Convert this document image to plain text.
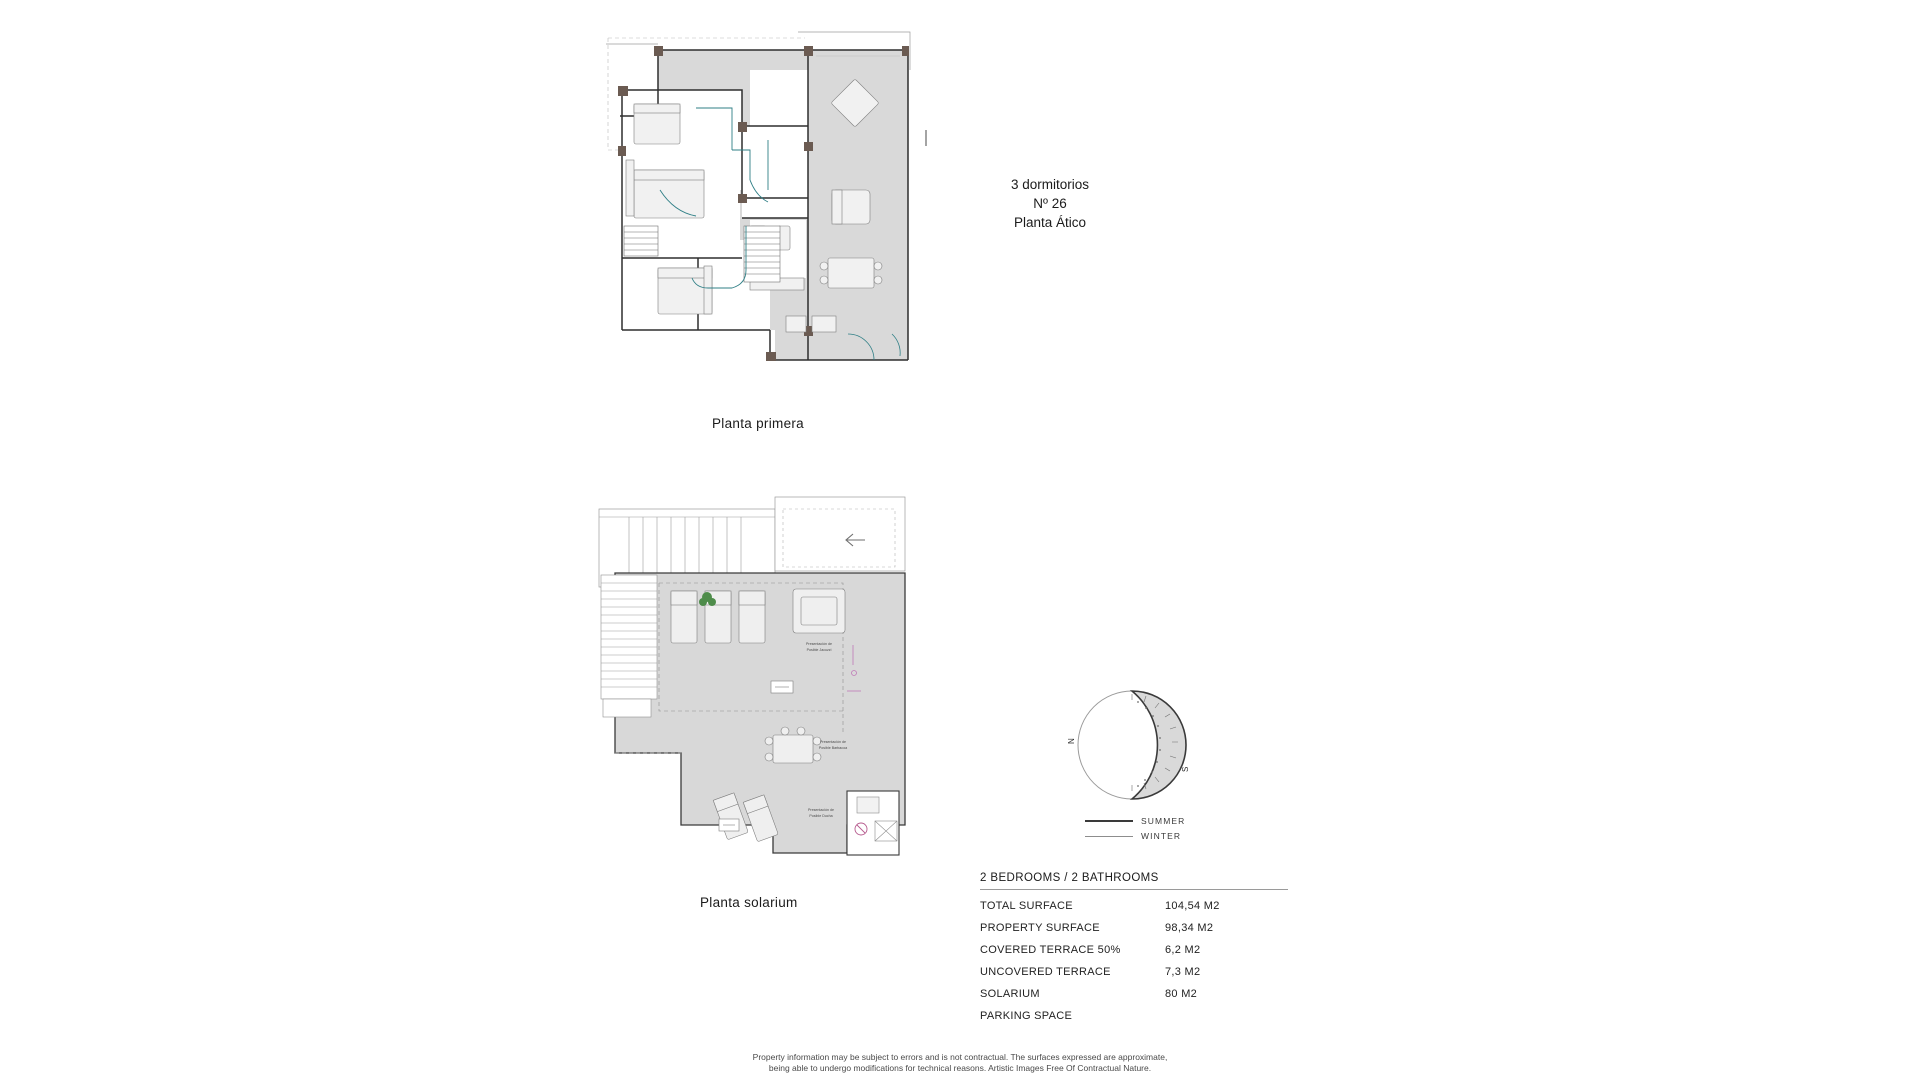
Planta primera
3 dormitorios
Nº 26
Planta Ático
Presentación de
Posible Jacuzzi
Presentación de
Posible Barbacoa
Presentación de
Posible Ducha
Planta solarium
N
S
SUMMER
WINTER
2 BEDROOMS / 2 BATHROOMS
TOTAL SURFACE	104,54 M2
PROPERTY SURFACE	98,34 M2
COVERED TERRACE 50%	6,2 M2
UNCOVERED TERRACE	7,3 M2
SOLARIUM	80 M2
PARKING SPACE
Property information may be subject to errors and is not contractual. The surfaces expressed are approximate,
being able to undergo modifications for technical reasons. Artistic Images Free Of Contractual Nature.
